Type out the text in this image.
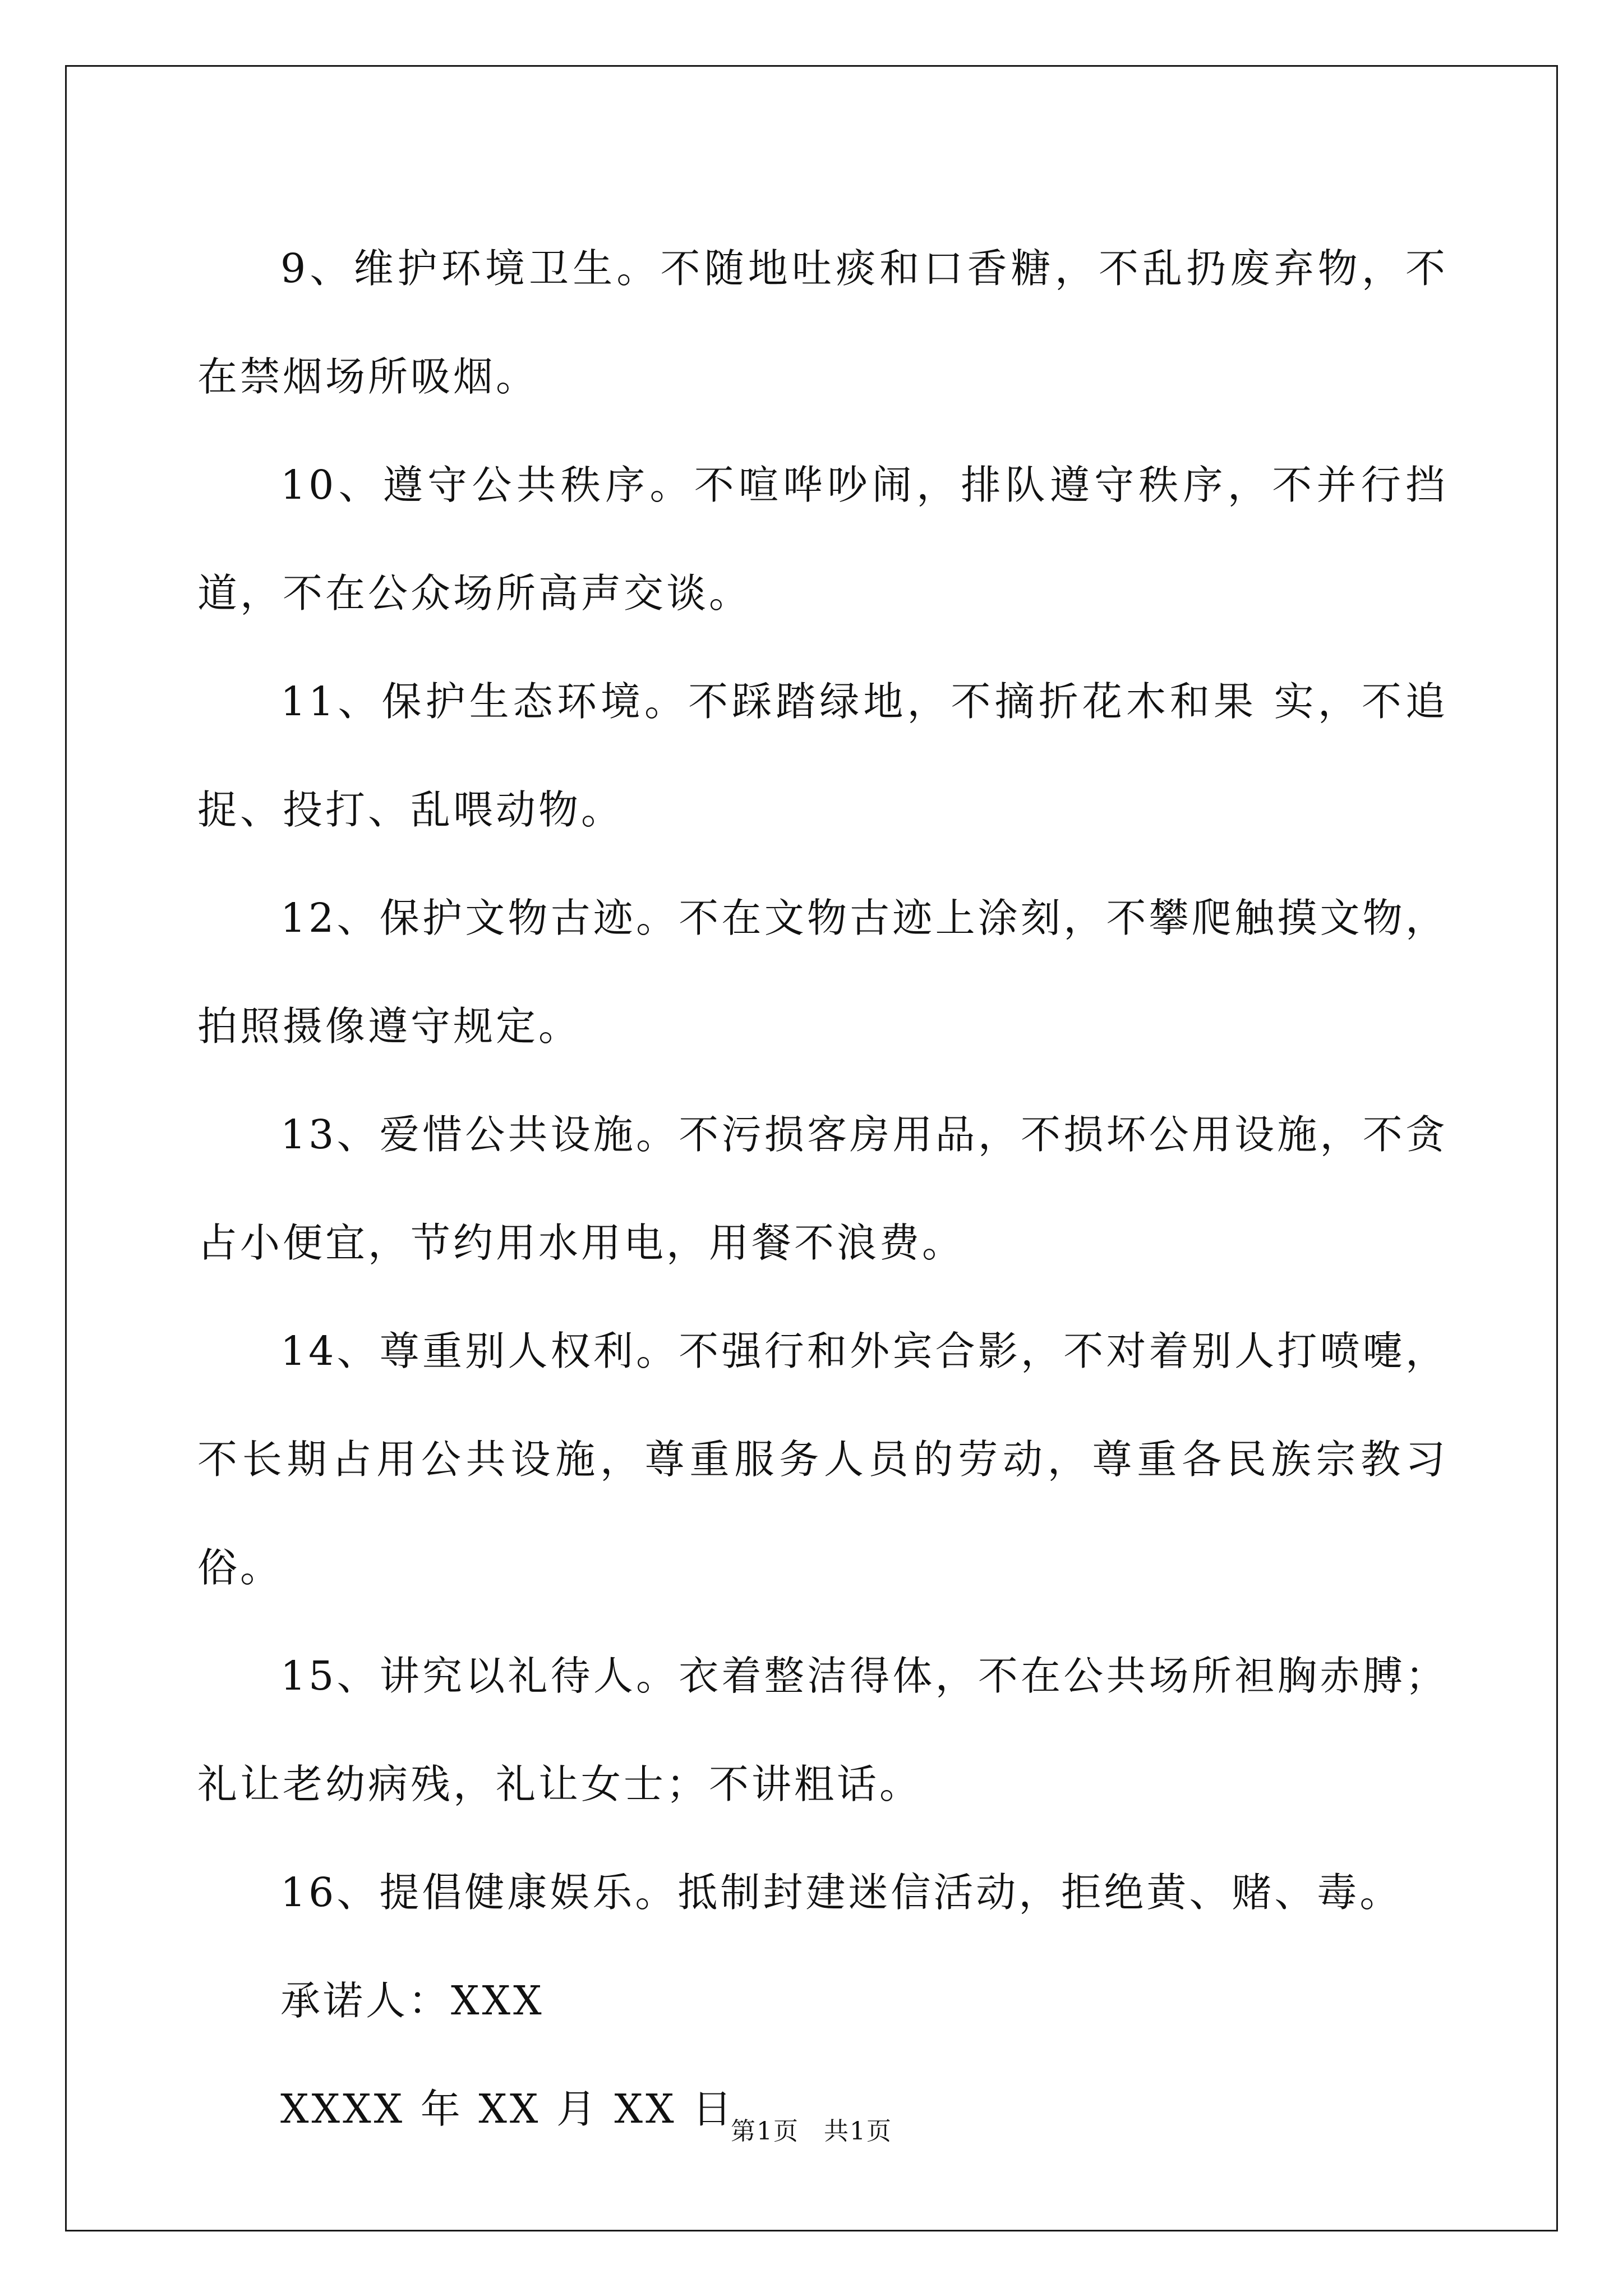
9、维护环境卫生。不随地吐痰和口香糖，不乱扔废弃物，不在禁烟场所吸烟。

10、遵守公共秩序。不喧哗吵闹，排队遵守秩序，不并行挡道，不在公众场所高声交谈。

11、保护生态环境。不踩踏绿地，不摘折花木和果 实，不追捉、投打、乱喂动物。

12、保护文物古迹。不在文物古迹上涂刻，不攀爬触摸文物，拍照摄像遵守规定。

13、爱惜公共设施。不污损客房用品，不损坏公用设施，不贪占小便宜，节约用水用电，用餐不浪费。

14、尊重别人权利。不强行和外宾合影，不对着别人打喷嚏，不长期占用公共设施，尊重服务人员的劳动，尊重各民族宗教习俗。

15、讲究以礼待人。衣着整洁得体，不在公共场所袒胸赤膊；礼让老幼病残，礼让女士；不讲粗话。

16、提倡健康娱乐。抵制封建迷信活动，拒绝黄、赌、毒。

承诺人：XXX

XXXX 年 XX 月 XX 日

第1页 共1页
